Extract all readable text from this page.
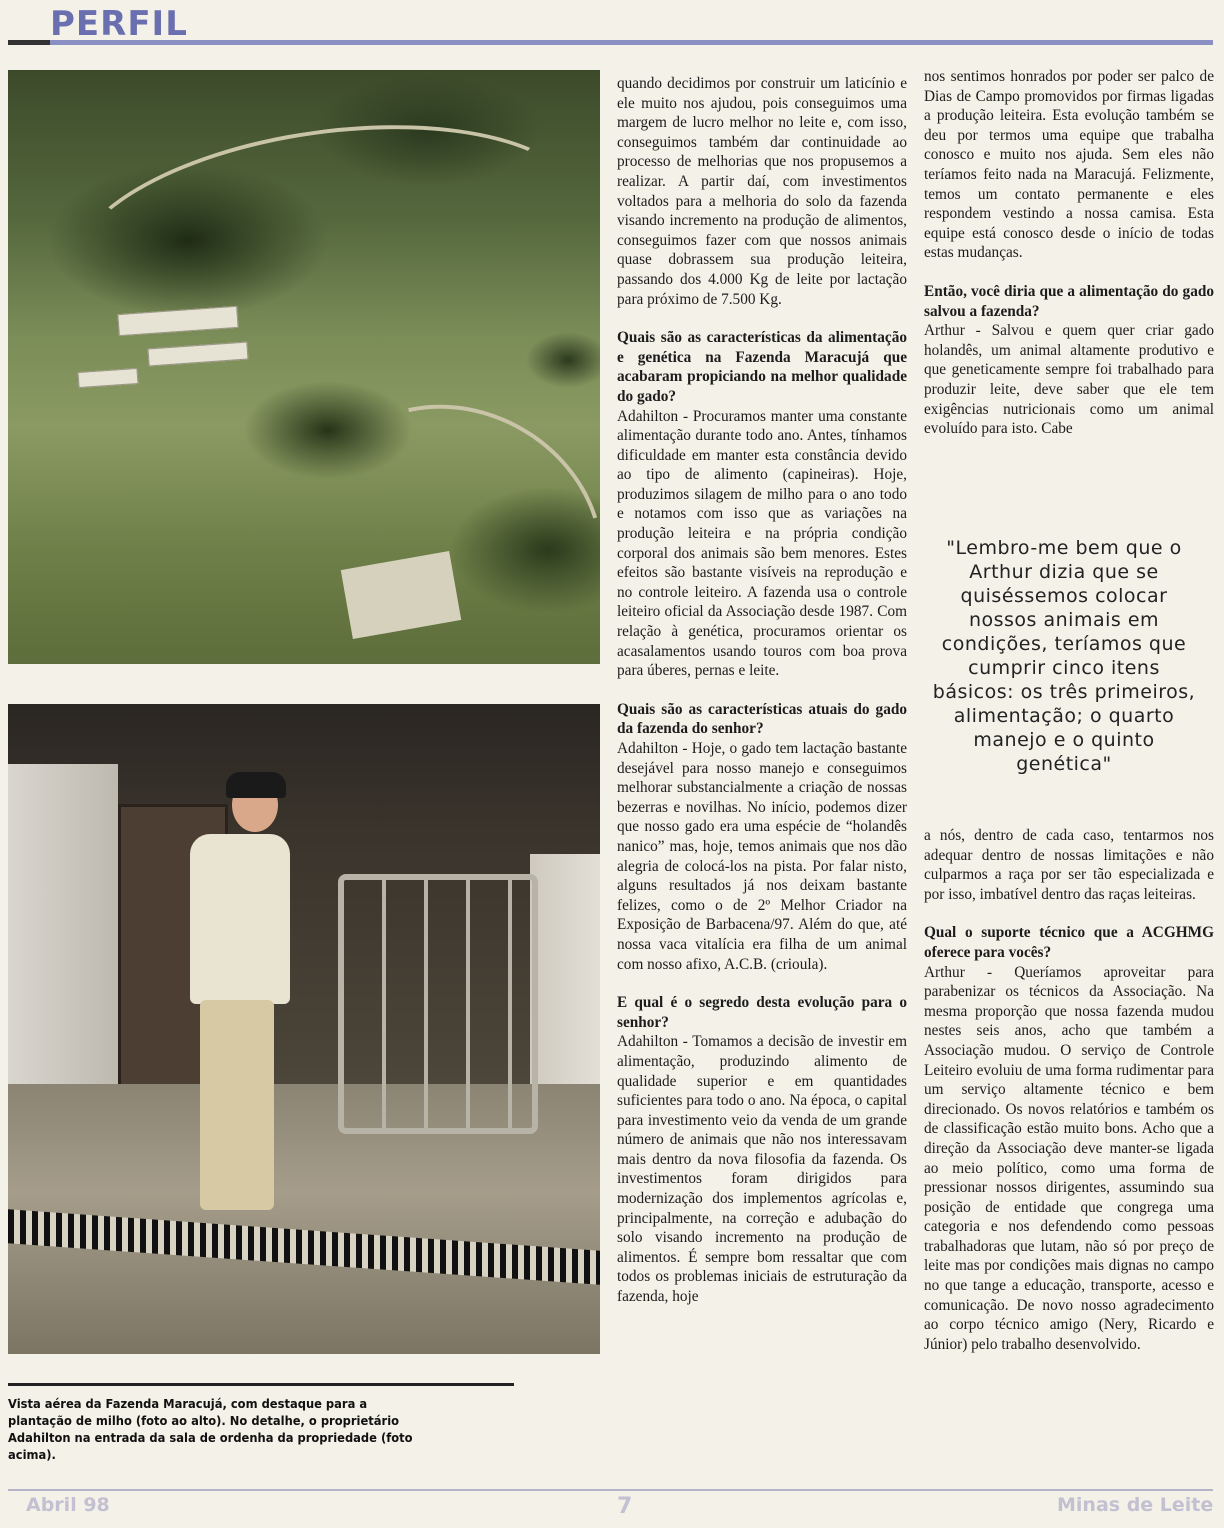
PERFIL
Vista aérea da Fazenda Maracujá, com destaque para a plantação de milho (foto ao alto). No detalhe, o proprietário Adahilton na entrada da sala de ordenha da propriedade (foto acima).

quando decidimos por construir um laticínio e ele muito nos ajudou, pois conseguimos uma margem de lucro melhor no leite e, com isso, conseguimos também dar continuidade ao processo de melhorias que nos propusemos a realizar. A partir daí, com investimentos voltados para a melhoria do solo da fazenda visando incremento na produção de alimentos, conseguimos fazer com que nossos animais quase dobrassem sua produção leiteira, passando dos 4.000 Kg de leite por lactação para próximo de 7.500 Kg.

Quais são as características da alimentação e genética na Fazenda Maracujá que acabaram propiciando na melhor qualidade do gado?

Adahilton - Procuramos manter uma constante alimentação durante todo ano. Antes, tínhamos dificuldade em manter esta constância devido ao tipo de alimento (capineiras). Hoje, produzimos silagem de milho para o ano todo e notamos com isso que as variações na produção leiteira e na própria condição corporal dos animais são bem menores. Estes efeitos são bastante visíveis na reprodução e no controle leiteiro. A fazenda usa o controle leiteiro oficial da Associação desde 1987. Com relação à genética, procuramos orientar os acasalamentos usando touros com boa prova para úberes, pernas e leite.

Quais são as características atuais do gado da fazenda do senhor?

Adahilton - Hoje, o gado tem lactação bastante desejável para nosso manejo e conseguimos melhorar substancialmente a criação de nossas bezerras e novilhas. No início, podemos dizer que nosso gado era uma espécie de “holandês nanico” mas, hoje, temos animais que nos dão alegria de colocá-los na pista. Por falar nisto, alguns resultados já nos deixam bastante felizes, como o de 2º Melhor Criador na Exposição de Barbacena/97. Além do que, até nossa vaca vitalícia era filha de um animal com nosso afixo, A.C.B. (crioula).

E qual é o segredo desta evolução para o senhor?

Adahilton - Tomamos a decisão de investir em alimentação, produzindo alimento de qualidade superior e em quantidades suficientes para todo o ano. Na época, o capital para investimento veio da venda de um grande número de animais que não nos interessavam mais dentro da nova filosofia da fazenda. Os investimentos foram dirigidos para modernização dos implementos agrícolas e, principalmente, na correção e adubação do solo visando incremento na produção de alimentos. É sempre bom ressaltar que com todos os problemas iniciais de estruturação da fazenda, hoje

nos sentimos honrados por poder ser palco de Dias de Campo promovidos por firmas ligadas a produção leiteira. Esta evolução também se deu por termos uma equipe que trabalha conosco e muito nos ajuda. Sem eles não teríamos feito nada na Maracujá. Felizmente, temos um contato permanente e eles respondem vestindo a nossa camisa. Esta equipe está conosco desde o início de todas estas mudanças.

Então, você diria que a alimentação do gado salvou a fazenda?

Arthur - Salvou e quem quer criar gado holandês, um animal altamente produtivo e que geneticamente sempre foi trabalhado para produzir leite, deve saber que ele tem exigências nutricionais como um animal evoluído para isto. Cabe

"Lembro-me bem que o Arthur dizia que se quiséssemos colocar nossos animais em condições, teríamos que cumprir cinco itens básicos: os três primeiros, alimentação; o quarto manejo e o quinto genética"

a nós, dentro de cada caso, tentarmos nos adequar dentro de nossas limitações e não culparmos a raça por ser tão especializada e por isso, imbatível dentro das raças leiteiras.

Qual o suporte técnico que a ACGHMG oferece para vocês?

Arthur - Queríamos aproveitar para parabenizar os técnicos da Associação. Na mesma proporção que nossa fazenda mudou nestes seis anos, acho que também a Associação mudou. O serviço de Controle Leiteiro evoluiu de uma forma rudimentar para um serviço altamente técnico e bem direcionado. Os novos relatórios e também os de classificação estão muito bons. Acho que a direção da Associação deve manter-se ligada ao meio político, como uma forma de pressionar nossos dirigentes, assumindo sua posição de entidade que congrega uma categoria e nos defendendo como pessoas trabalhadoras que lutam, não só por preço de leite mas por condições mais dignas no campo no que tange a educação, transporte, acesso e comunicação. De novo nosso agradecimento ao corpo técnico amigo (Nery, Ricardo e Júnior) pelo trabalho desenvolvido.

Abril 98	7	Minas de Leite
